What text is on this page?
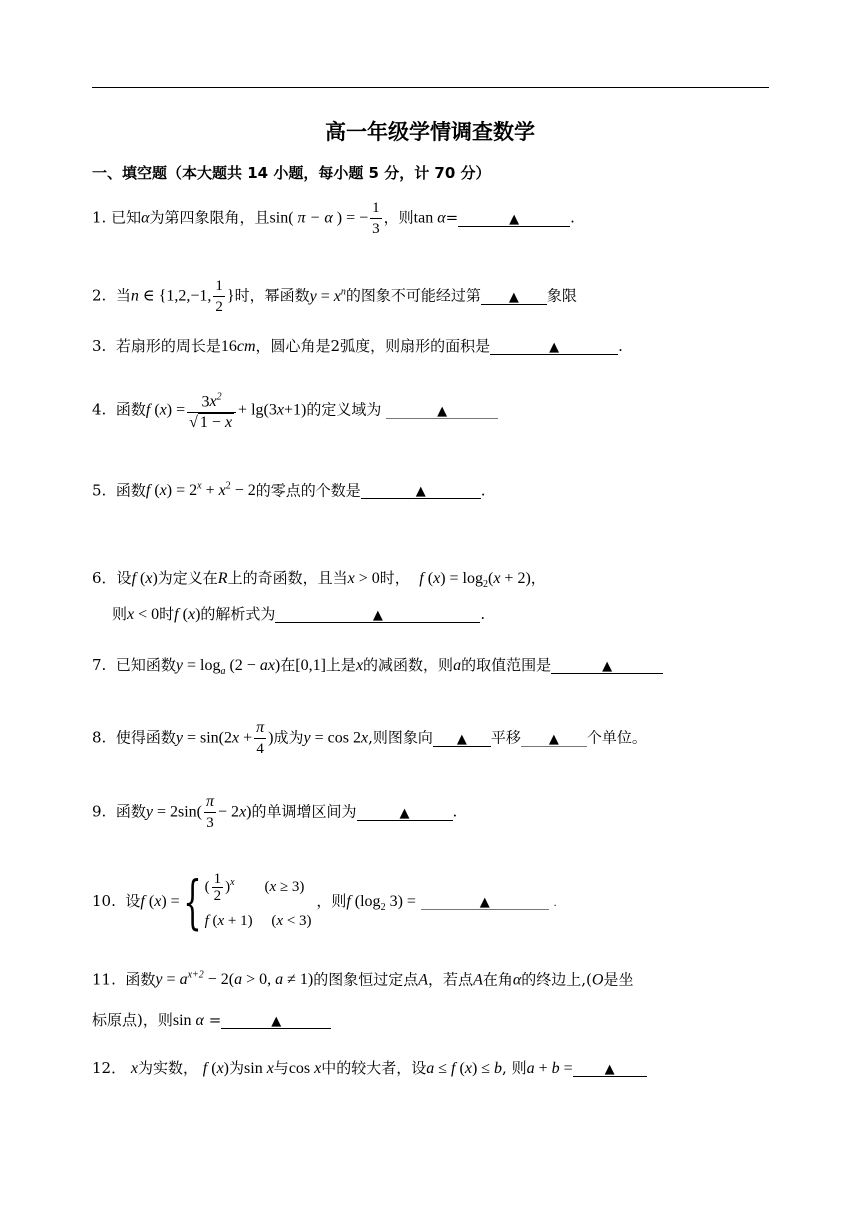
高一年级学情调查数学
一、填空题（本大题共 14 小题，每小题 5 分，计 70 分）
1. 已知α为第四象限角，且sin( π − α ) = − $\frac{1}{3}$ ，则tan α=	▲	.
2. 当n ∈ {1,2,−1, $\frac{1}{2}$ }时，幂函数$y = x^n$的图象不可能经过第 ▲ 象限
3. 若扇形的周长是16cm，圆心角是2弧度，则扇形的面积是	▲	.
4. 函数f $(x) = \frac{3x^2}{√ 1 - x} + \lg(3x+1)$的定义域为	▲
5. 函数f $(x) = 2^x + x^2 - 2$的零点的个数是	▲	.
6．设f (x)为定义在R上的奇函数，且当x > 0时， f $(x) = \log_2(x + 2)$，
则x < 0时f (x)的解析式为	▲	.
7. 已知函数$y = \log_a (2 - ax)$在[0,1]上是x的减函数，则a的取值范围是	▲
8. 使得函数$y = \sin(2x + \frac{\pi}{4}$ )成为y = cos 2x,则图象向 ▲ 平移 ▲ 个单位。
9. 函数$y = 2\sin( \frac{\pi}{3} - 2x)$的单调增区间为	▲	.
10. 设f (x) ={ ( $\frac{1}{2} )^x$ (x ≥ 3)
f (x + 1) (x < 3)
，则f ($\log_2$ 3) =	▲	.
11. 函数$y = a^{x+2} - 2(a > 0$, a ≠ 1)的图象恒过定点A，若点A在角α的终边上,(O是坐
标原点)，则sin α =	▲
12． x为实数， f (x)为sin x与cos x中的较大者，设a ≤ f (x) ≤ b, 则a + b = ▲
